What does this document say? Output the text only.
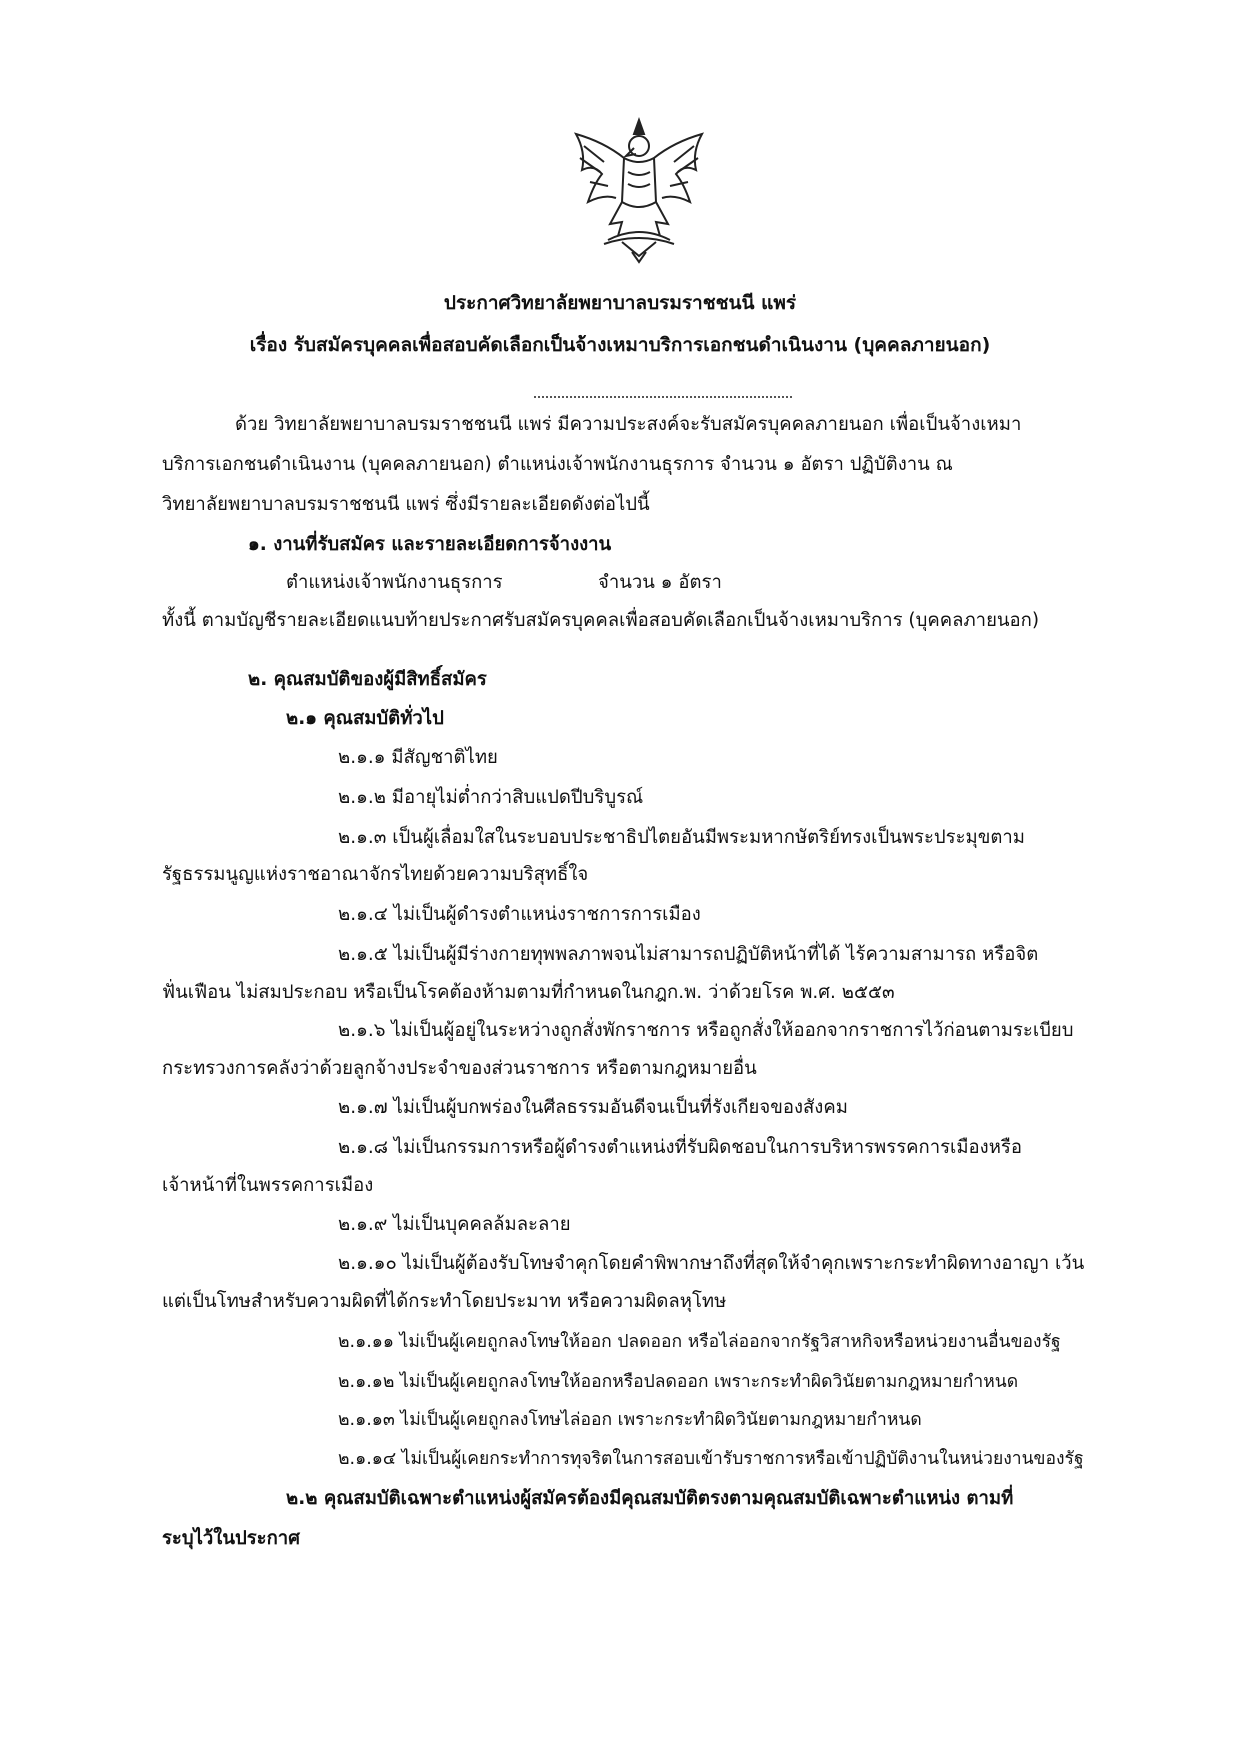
ประกาศวิทยาลัยพยาบาลบรมราชชนนี แพร่
เรื่อง รับสมัครบุคคลเพื่อสอบคัดเลือกเป็นจ้างเหมาบริการเอกชนดำเนินงาน (บุคคลภายนอก)
ด้วย วิทยาลัยพยาบาลบรมราชชนนี แพร่ มีความประสงค์จะรับสมัครบุคคลภายนอก เพื่อเป็นจ้างเหมา
บริการเอกชนดำเนินงาน (บุคคลภายนอก) ตำแหน่งเจ้าพนักงานธุรการ จำนวน ๑ อัตรา ปฏิบัติงาน ณ
วิทยาลัยพยาบาลบรมราชชนนี แพร่ ซึ่งมีรายละเอียดดังต่อไปนี้
๑. งานที่รับสมัคร และรายละเอียดการจ้างงาน
ตำแหน่งเจ้าพนักงานธุรการ	จำนวน ๑ อัตรา
ทั้งนี้ ตามบัญชีรายละเอียดแนบท้ายประกาศรับสมัครบุคคลเพื่อสอบคัดเลือกเป็นจ้างเหมาบริการ (บุคคลภายนอก)
๒. คุณสมบัติของผู้มีสิทธิ์สมัคร
๒.๑ คุณสมบัติทั่วไป
๒.๑.๑ มีสัญชาติไทย
๒.๑.๒ มีอายุไม่ต่ำกว่าสิบแปดปีบริบูรณ์
๒.๑.๓ เป็นผู้เลื่อมใสในระบอบประชาธิปไตยอันมีพระมหากษัตริย์ทรงเป็นพระประมุขตาม
รัฐธรรมนูญแห่งราชอาณาจักรไทยด้วยความบริสุทธิ์ใจ
๒.๑.๔ ไม่เป็นผู้ดำรงตำแหน่งราชการการเมือง
๒.๑.๕ ไม่เป็นผู้มีร่างกายทุพพลภาพจนไม่สามารถปฏิบัติหน้าที่ได้ ไร้ความสามารถ หรือจิต
ฟั่นเฟือน ไม่สมประกอบ หรือเป็นโรคต้องห้ามตามที่กำหนดในกฎก.พ. ว่าด้วยโรค พ.ศ. ๒๕๕๓
๒.๑.๖ ไม่เป็นผู้อยู่ในระหว่างถูกสั่งพักราชการ หรือถูกสั่งให้ออกจากราชการไว้ก่อนตามระเบียบ
กระทรวงการคลังว่าด้วยลูกจ้างประจำของส่วนราชการ หรือตามกฎหมายอื่น
๒.๑.๗ ไม่เป็นผู้บกพร่องในศีลธรรมอันดีจนเป็นที่รังเกียจของสังคม
๒.๑.๘ ไม่เป็นกรรมการหรือผู้ดำรงตำแหน่งที่รับผิดชอบในการบริหารพรรคการเมืองหรือ
เจ้าหน้าที่ในพรรคการเมือง
๒.๑.๙ ไม่เป็นบุคคลล้มละลาย
๒.๑.๑๐ ไม่เป็นผู้ต้องรับโทษจำคุกโดยคำพิพากษาถึงที่สุดให้จำคุกเพราะกระทำผิดทางอาญา เว้น
แต่เป็นโทษสำหรับความผิดที่ได้กระทำโดยประมาท หรือความผิดลหุโทษ
๒.๑.๑๑ ไม่เป็นผู้เคยถูกลงโทษให้ออก ปลดออก หรือไล่ออกจากรัฐวิสาหกิจหรือหน่วยงานอื่นของรัฐ
๒.๑.๑๒ ไม่เป็นผู้เคยถูกลงโทษให้ออกหรือปลดออก เพราะกระทำผิดวินัยตามกฎหมายกำหนด
๒.๑.๑๓ ไม่เป็นผู้เคยถูกลงโทษไล่ออก เพราะกระทำผิดวินัยตามกฎหมายกำหนด
๒.๑.๑๔ ไม่เป็นผู้เคยกระทำการทุจริตในการสอบเข้ารับราชการหรือเข้าปฏิบัติงานในหน่วยงานของรัฐ
๒.๒ คุณสมบัติเฉพาะตำแหน่งผู้สมัครต้องมีคุณสมบัติตรงตามคุณสมบัติเฉพาะตำแหน่ง ตามที่
ระบุไว้ในประกาศ
